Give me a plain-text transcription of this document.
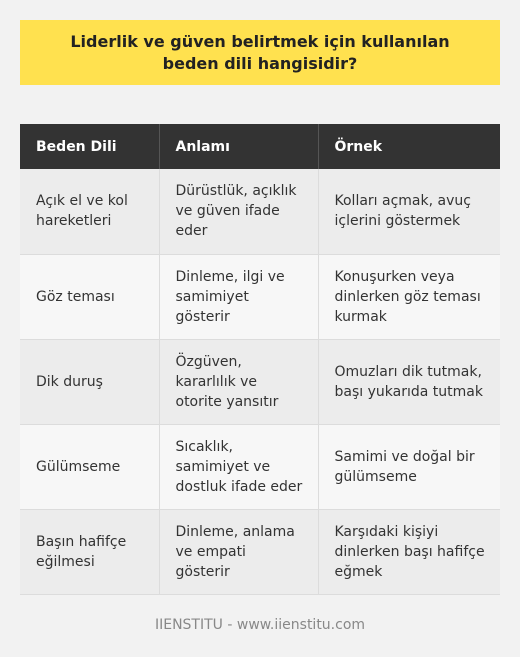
Liderlik ve güven belirtmek için kullanılan beden dili hangisidir?
Beden Dili	Anlamı	Örnek
Açık el ve kol hareketleri	Dürüstlük, açıklık ve güven ifade eder	Kolları açmak, avuç içlerini göstermek
Göz teması	Dinleme, ilgi ve samimiyet gösterir	Konuşurken veya dinlerken göz teması kurmak
Dik duruş	Özgüven, kararlılık ve otorite yansıtır	Omuzları dik tutmak, başı yukarıda tutmak
Gülümseme	Sıcaklık, samimiyet ve dostluk ifade eder	Samimi ve doğal bir gülümseme
Başın hafifçe eğilmesi	Dinleme, anlama ve empati gösterir	Karşıdaki kişiyi dinlerken başı hafifçe eğmek
IIENSTITU - www.iienstitu.com
